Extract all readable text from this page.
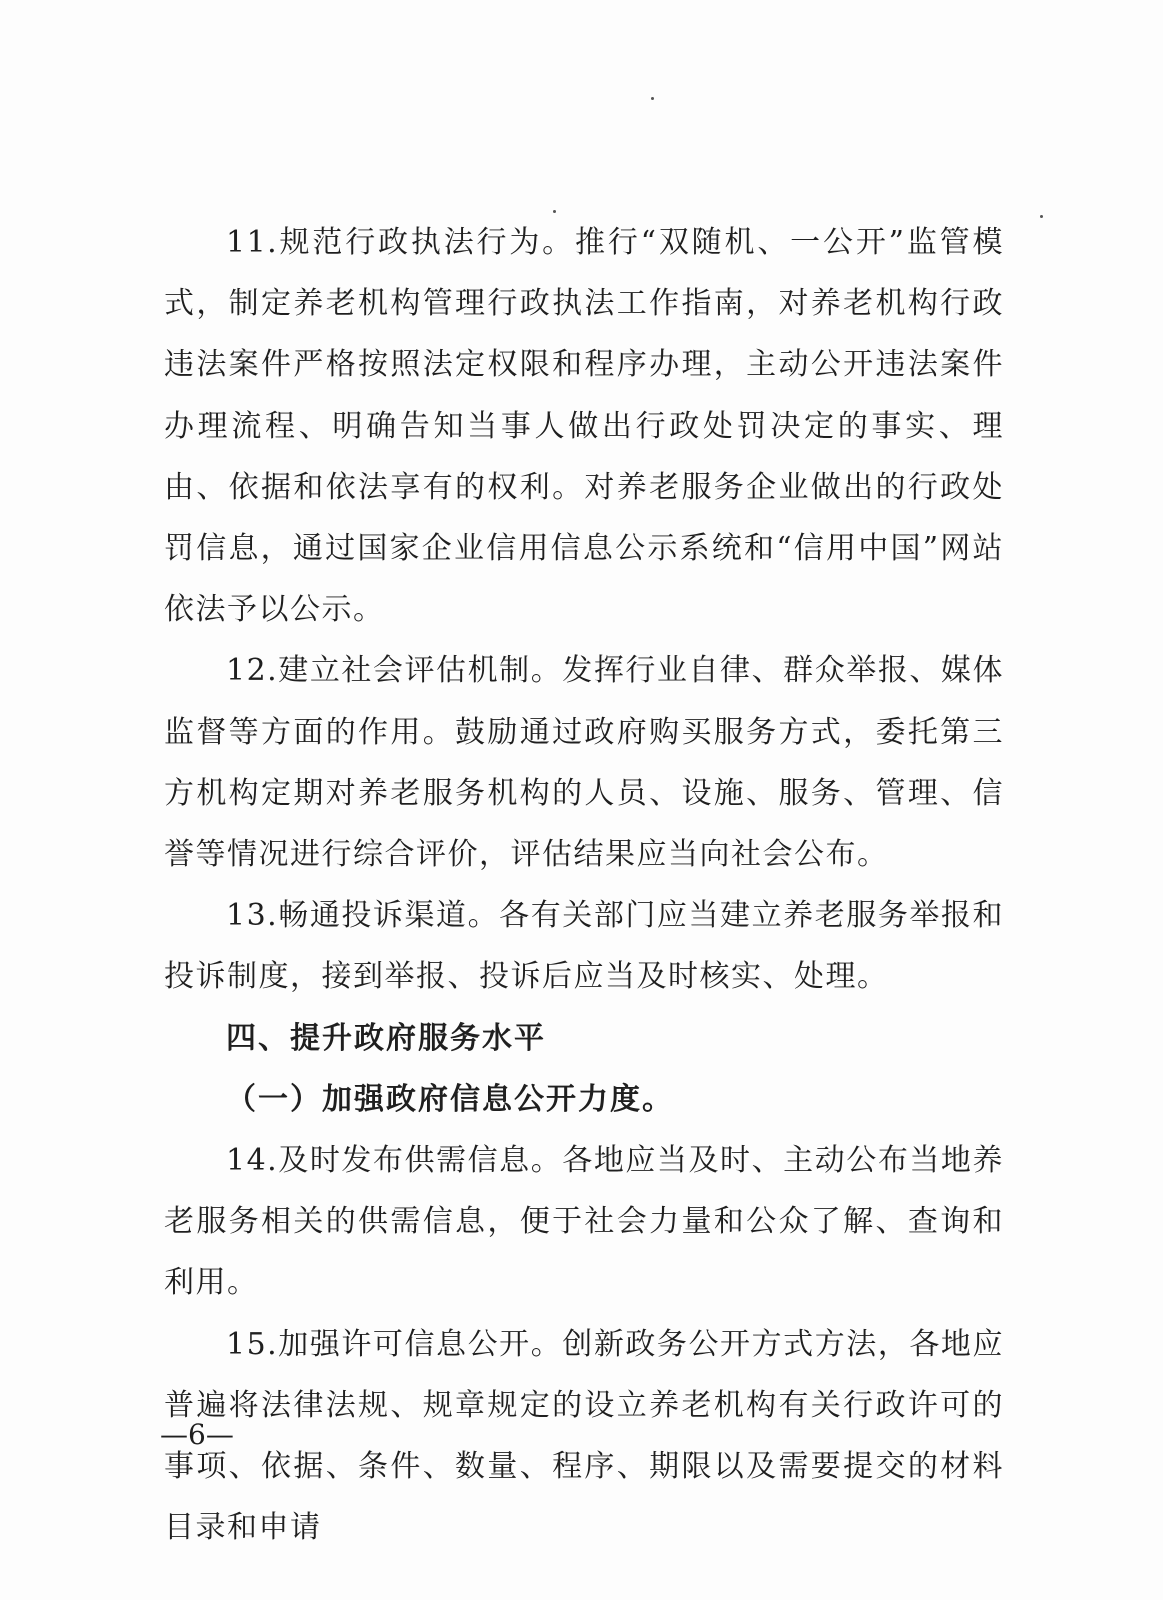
11.规范行政执法行为。推行“双随机、一公开”监管模式，制定养老机构管理行政执法工作指南，对养老机构行政违法案件严格按照法定权限和程序办理，主动公开违法案件办理流程、明确告知当事人做出行政处罚决定的事实、理由、依据和依法享有的权利。对养老服务企业做出的行政处罚信息，通过国家企业信用信息公示系统和“信用中国”网站依法予以公示。

12.建立社会评估机制。发挥行业自律、群众举报、媒体监督等方面的作用。鼓励通过政府购买服务方式，委托第三方机构定期对养老服务机构的人员、设施、服务、管理、信誉等情况进行综合评价，评估结果应当向社会公布。

13.畅通投诉渠道。各有关部门应当建立养老服务举报和投诉制度，接到举报、投诉后应当及时核实、处理。

四、提升政府服务水平

（一）加强政府信息公开力度。

14.及时发布供需信息。各地应当及时、主动公布当地养老服务相关的供需信息，便于社会力量和公众了解、查询和利用。

15.加强许可信息公开。创新政务公开方式方法，各地应普遍将法律法规、规章规定的设立养老机构有关行政许可的事项、依据、条件、数量、程序、期限以及需要提交的材料目录和申请

—6—
